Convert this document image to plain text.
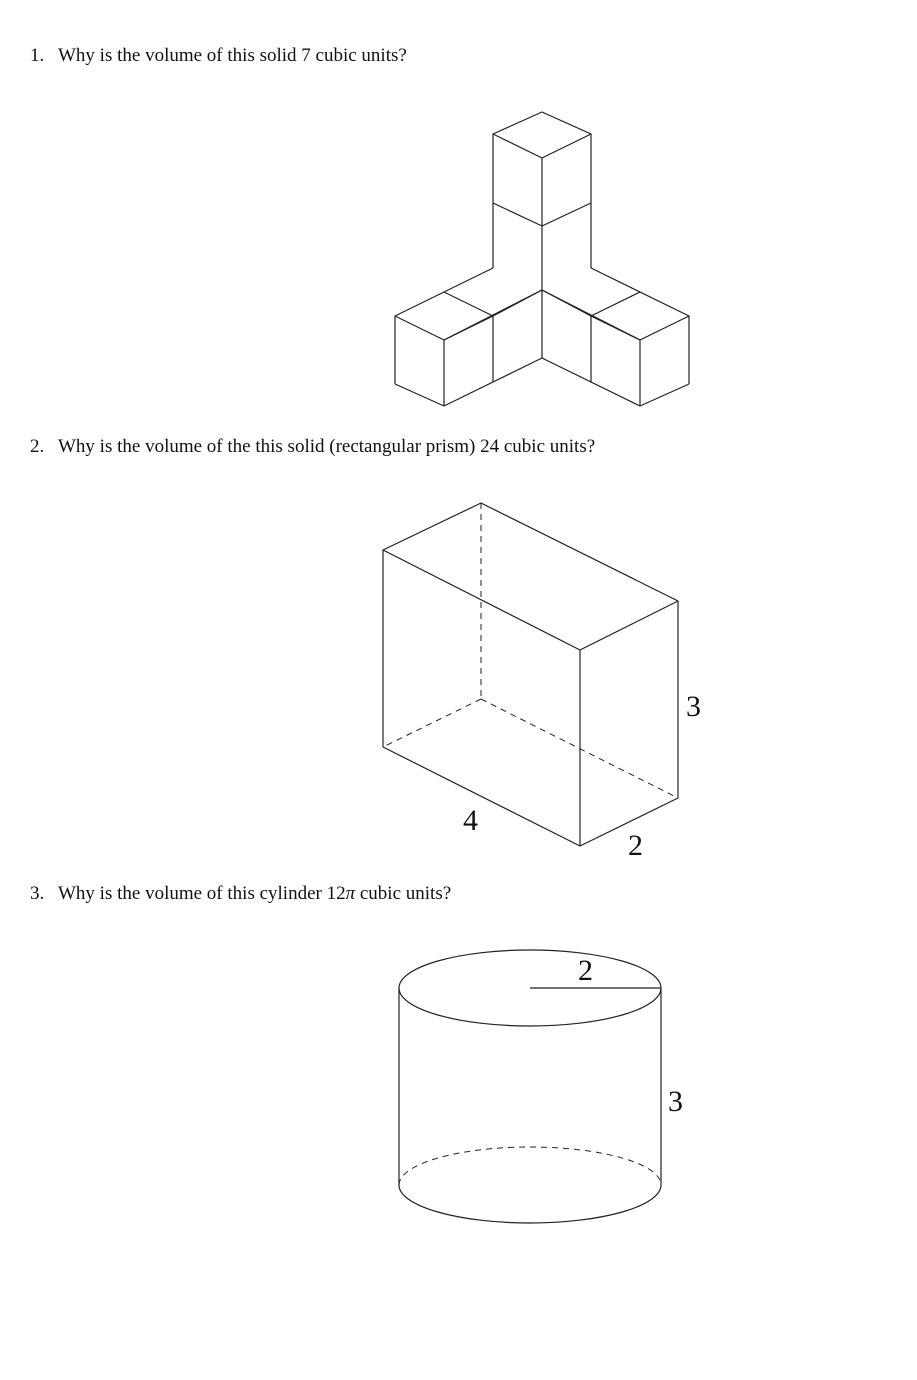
1. Why is the volume of this solid 7 cubic units?
2. Why is the volume of the this solid (rectangular prism) 24 cubic units?
3
4
2
3. Why is the volume of this cylinder 12π cubic units?
2
3
